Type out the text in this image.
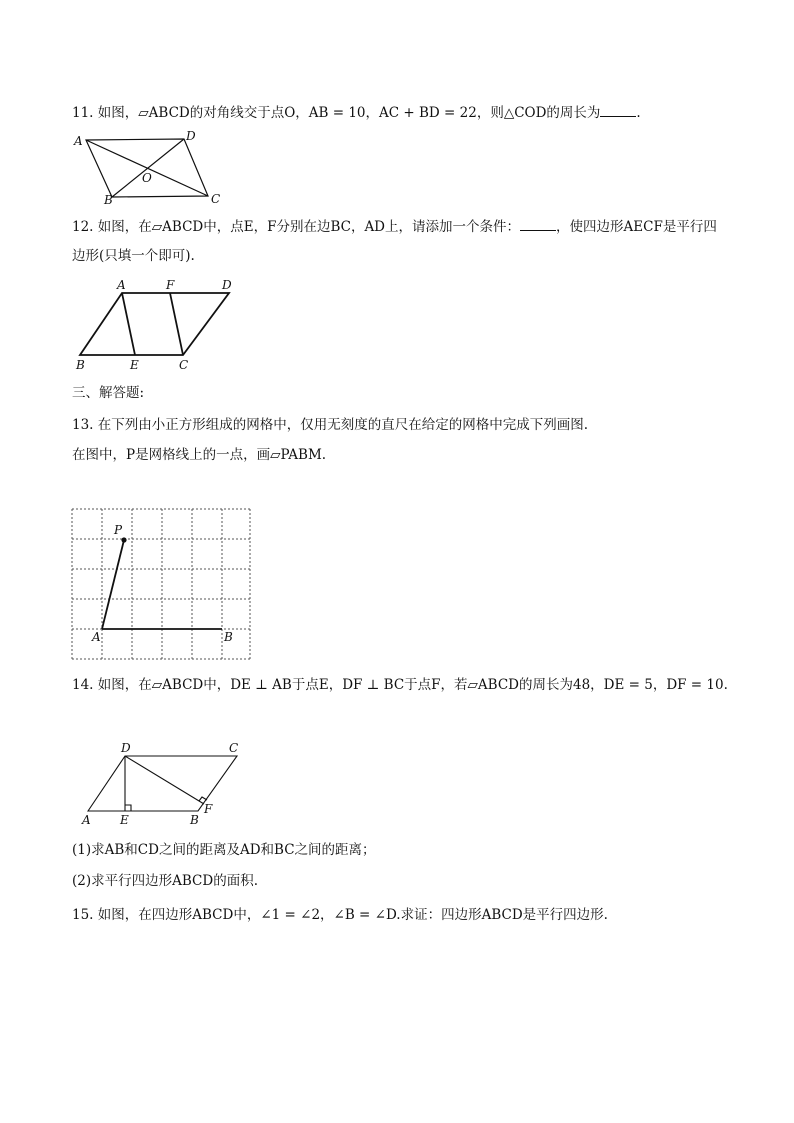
11. 如图，▱ABCD的对角线交于点O，AB = 10，AC + BD = 22，则△COD的周长为	.
A	D
O
B	C
12. 如图，在▱ABCD中，点E，F分别在边BC，AD上，请添加一个条件：	，使四边形AECF是平行四
边形(只填一个即可).
A	F	D
B	E	C
三、解答题:
13. 在下列由小正方形组成的网格中，仅用无刻度的直尺在给定的网格中完成下列画图.
在图中，P是网格线上的一点，画▱PABM.
P
A	B
14. 如图，在▱ABCD中，DE ⊥ AB于点E，DF ⊥ BC于点F，若▱ABCD的周长为48，DE = 5，DF = 10.
D	C
A E	B
F
(1)求AB和CD之间的距离及AD和BC之间的距离；
(2)求平行四边形ABCD的面积.
15. 如图，在四边形ABCD中，∠1 = ∠2，∠B = ∠D.求证：四边形ABCD是平行四边形.
